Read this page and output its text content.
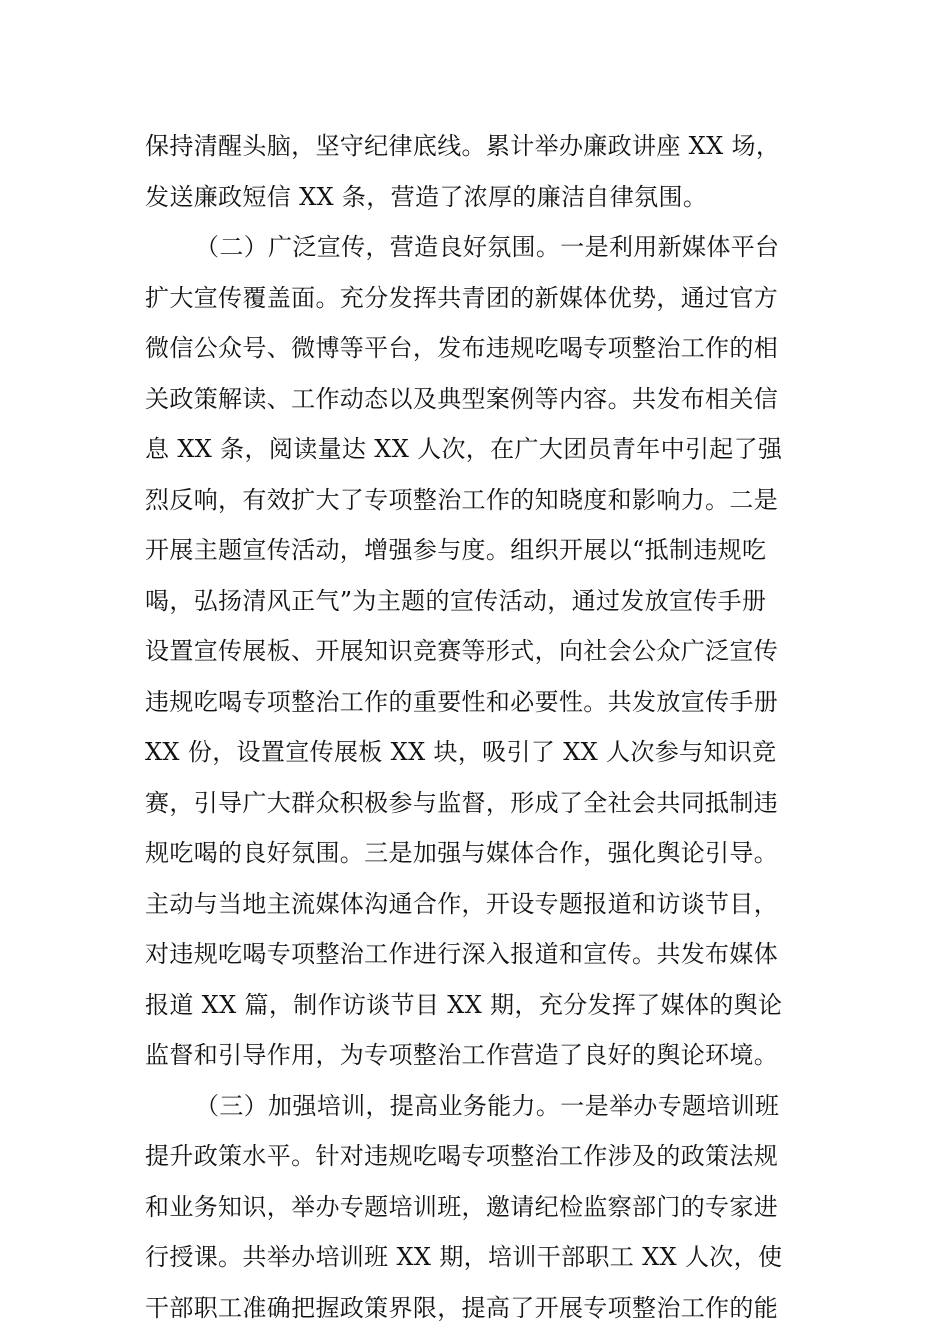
保持清醒头脑，坚守纪律底线。累计举办廉政讲座 XX 场，
发送廉政短信 XX 条，营造了浓厚的廉洁自律氛围。
（二）广泛宣传，营造良好氛围。一是利用新媒体平台
扩大宣传覆盖面。充分发挥共青团的新媒体优势，通过官方
微信公众号、微博等平台，发布违规吃喝专项整治工作的相
关政策解读、工作动态以及典型案例等内容。共发布相关信
息 XX 条，阅读量达 XX 人次，在广大团员青年中引起了强
烈反响，有效扩大了专项整治工作的知晓度和影响力。二是
开展主题宣传活动，增强参与度。组织开展以“抵制违规吃
喝，弘扬清风正气”为主题的宣传活动，通过发放宣传手册
设置宣传展板、开展知识竞赛等形式，向社会公众广泛宣传
违规吃喝专项整治工作的重要性和必要性。共发放宣传手册
XX 份，设置宣传展板 XX 块，吸引了 XX 人次参与知识竞
赛，引导广大群众积极参与监督，形成了全社会共同抵制违
规吃喝的良好氛围。三是加强与媒体合作，强化舆论引导。
主动与当地主流媒体沟通合作，开设专题报道和访谈节目，
对违规吃喝专项整治工作进行深入报道和宣传。共发布媒体
报道 XX 篇，制作访谈节目 XX 期，充分发挥了媒体的舆论
监督和引导作用，为专项整治工作营造了良好的舆论环境。
（三）加强培训，提高业务能力。一是举办专题培训班
提升政策水平。针对违规吃喝专项整治工作涉及的政策法规
和业务知识，举办专题培训班，邀请纪检监察部门的专家进
行授课。共举办培训班 XX 期，培训干部职工 XX 人次，使
干部职工准确把握政策界限，提高了开展专项整治工作的能
